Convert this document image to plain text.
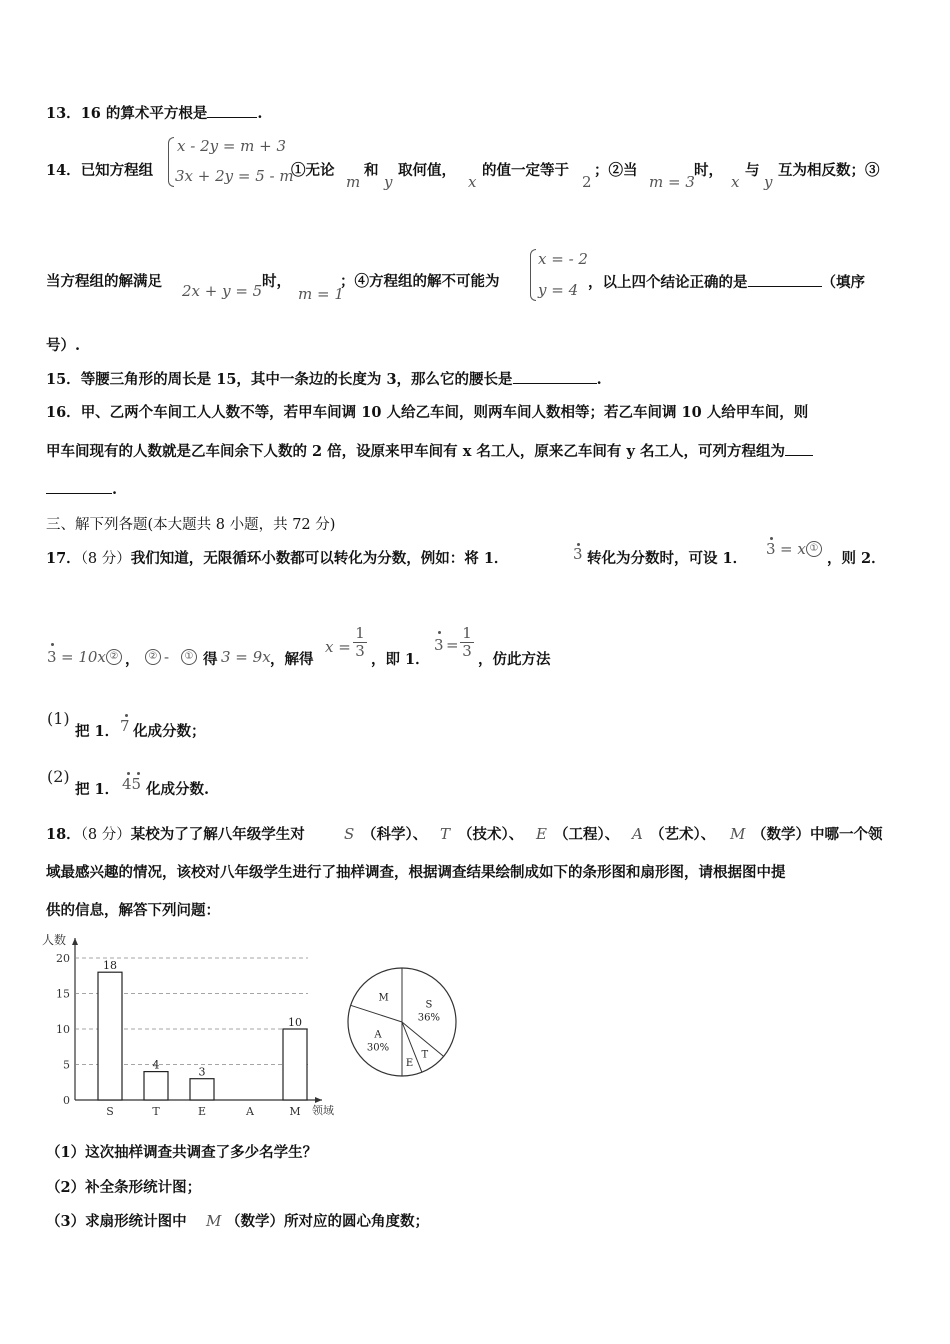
13．16 的算术平方根是	.
14．已知方程组
x - 2y = m + 3
3x + 2y = 5 - m
①无论
m
和
y
取何值，
x
的值一定等于
2
；②当
m = 3
时，
x
与
y
互为相反数；③
当方程组的解满足
2x + y = 5
时，
m = 1
；④方程组的解不可能为
x = - 2
y = 4 ，以上四个结论正确的是	（填序
号）.
15．等腰三角形的周长是 15，其中一条边的长度为 3，那么它的腰长是	.
16．甲、乙两个车间工人人数不等，若甲车间调 10 人给乙车间，则两车间人数相等；若乙车间调 10 人给甲车间，则
甲车间现有的人数就是乙车间余下人数的 2 倍，设原来甲车间有 x 名工人，原来乙车间有 y 名工人，可列方程组为
.
三、解下列各题(本大题共 8 小题，共 72 分)
17．（8 分）我们知道，无限循环小数都可以转化为分数，例如：将 1．	3 转化为分数时，可设 1．
3 = x ①
，则 2．
3 = 10x ② ， ② -	① 得 3 = 9x ，解得
x =
1
3 ，即 1．
3 =
1
3 ，仿此方法
(1)
把 1． 7 化成分数；
(2)
把 1． 45 化成分数.
18．（8 分）某校为了了解八年级学生对	S （科学）、 T （技术）、 E （工程）、 A （艺术）、 M （数学）中哪一个领
域最感兴趣的情况，该校对八年级学生进行了抽样调查，根据调查结果绘制成如下的条形图和扇形图，请根据图中提
供的信息，解答下列问题：
人数
领域
0
5
10
15
20
18
S
4
T
3
E	A
10
M
S
36%
T
E
A
30%
M
（1）这次抽样调查共调查了多少名学生？
（2）补全条形统计图；
（3）求扇形统计图中 M （数学）所对应的圆心角度数；
